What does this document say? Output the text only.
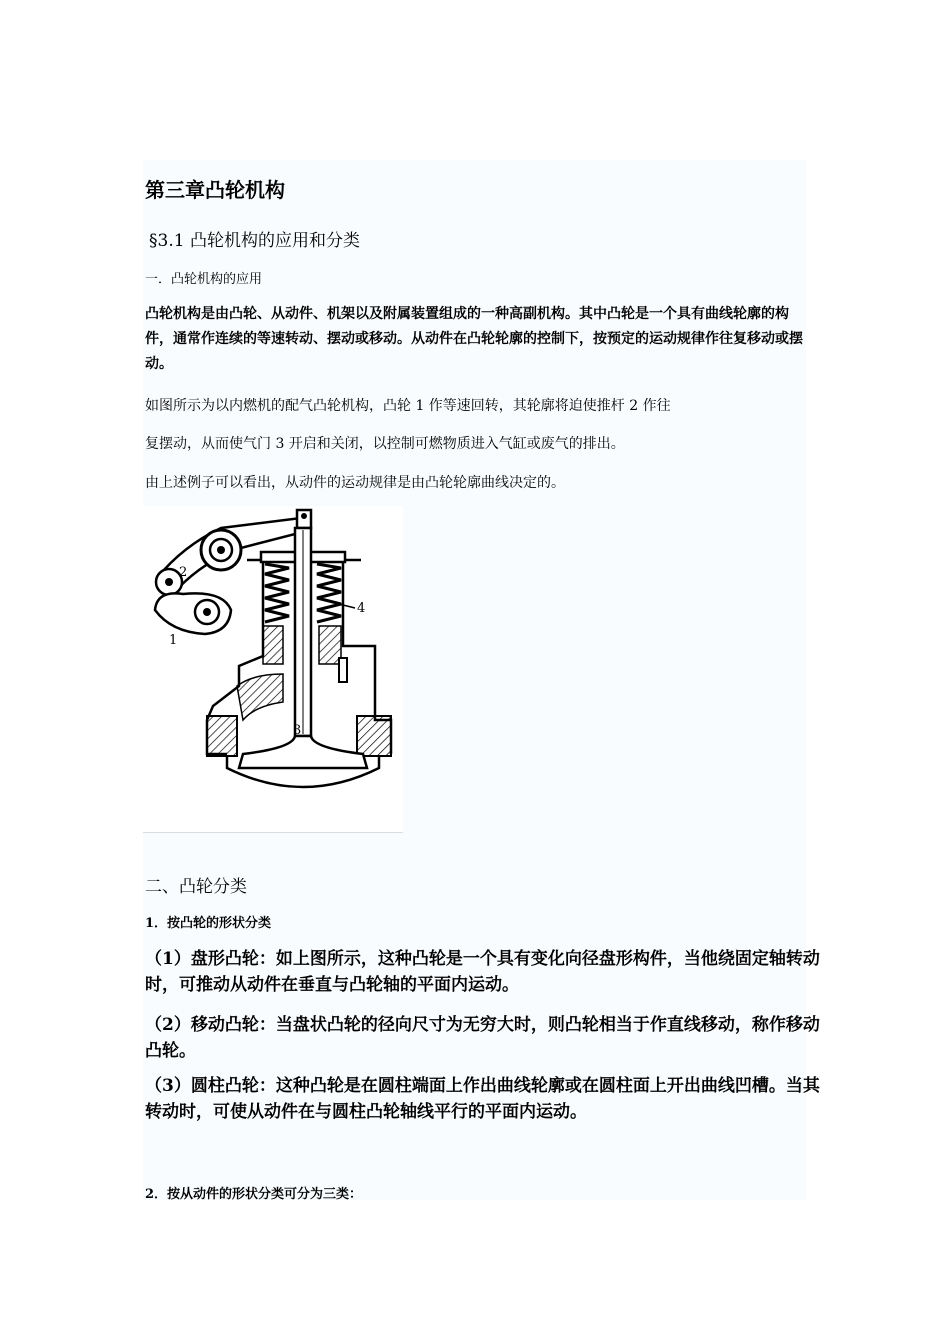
第三章凸轮机构
§3.1 凸轮机构的应用和分类
一．凸轮机构的应用
凸轮机构是由凸轮、从动件、机架以及附属装置组成的一种高副机构。其中凸轮是一个具有曲线轮廓的构件，通常作连续的等速转动、摆动或移动。从动件在凸轮轮廓的控制下，按预定的运动规律作往复移动或摆动。
如图所示为以内燃机的配气凸轮机构，凸轮 1 作等速回转，其轮廓将迫使推杆 2 作往
复摆动，从而使气门 3 开启和关闭，以控制可燃物质进入气缸或废气的排出。
由上述例子可以看出，从动件的运动规律是由凸轮轮廓曲线决定的。
1
2
3
4
二、凸轮分类
1．按凸轮的形状分类
（1）盘形凸轮：如上图所示，这种凸轮是一个具有变化向径盘形构件，当他绕固定轴转动时，可推动从动件在垂直与凸轮轴的平面内运动。
（2）移动凸轮：当盘状凸轮的径向尺寸为无穷大时，则凸轮相当于作直线移动，称作移动凸轮。
（3）圆柱凸轮：这种凸轮是在圆柱端面上作出曲线轮廓或在圆柱面上开出曲线凹槽。当其转动时，可使从动件在与圆柱凸轮轴线平行的平面内运动。
2．按从动件的形状分类可分为三类：
